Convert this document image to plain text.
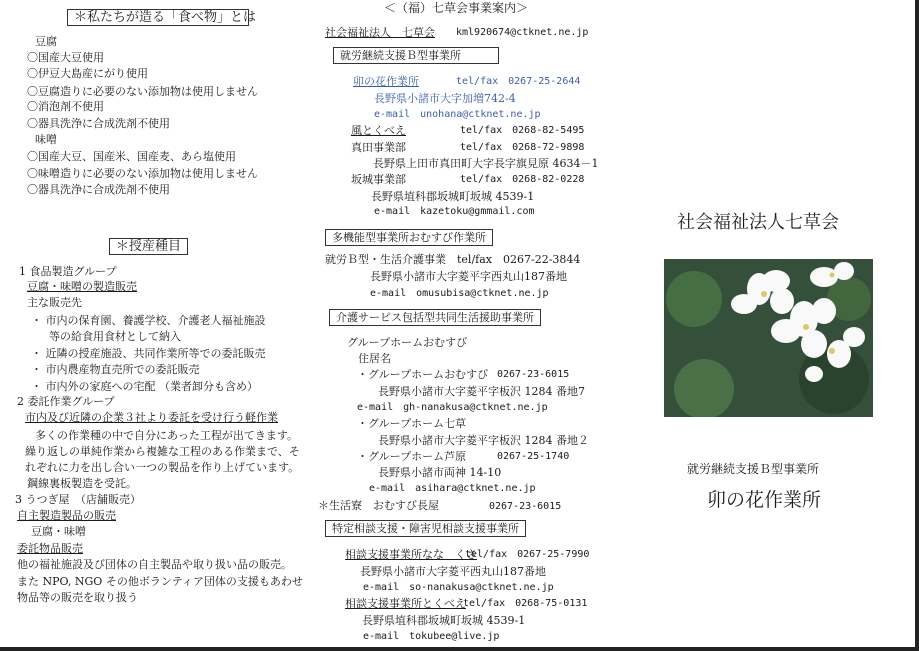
＊私たちが造る「食べ物」とは
豆腐
〇国産大豆使用
〇伊豆大島産にがり使用
〇豆腐造りに必要のない添加物は使用しません
〇消泡剤不使用
〇器具洗浄に合成洗剤不使用
味噌
〇国産大豆、国産米、国産麦、あら塩使用
〇味噌造りに必要のない添加物は使用しません
〇器具洗浄に合成洗剤不使用
＊授産種目
1 食品製造グループ
豆腐・味噌の製造販売
主な販売先
・ 市内の保育園、養護学校、介護老人福祉施設
等の給食用食材として納入
・ 近隣の授産施設、共同作業所等での委託販売
・ 市内農産物直売所での委託販売
・ 市内外の家庭への宅配 （業者卸分も含め）
2 委託作業グループ
市内及び近隣の企業３社より委託を受け行う軽作業
多くの作業種の中で自分にあった工程が出てきます。
繰り返しの単純作業から複雑な工程のある作業まで、そ
れぞれに力を出し合い一つの製品を作り上げています。
鋼線裏板製造を受託。
3 うつぎ屋　（店舗販売）
自主製造製品の販売
豆腐・味噌
委託物品販売
他の福祉施設及び団体の自主製品や取り扱い品の販売。
また NPO, NGO その他ボランティア団体の支援もあわせ
物品等の販売を取り扱う
＜（福）七草会事業案内＞
社会福祉法人　七草会 kml920674@ctknet.ne.jp
就労継続支援Ｂ型事業所
卯の花作業所	tel/fax　0267-25-2644
長野県小諸市大字加増742-4
e-mail　unohana@ctknet.ne.jp
風とくべえ	tel/fax　0268-82-5495
真田事業部	tel/fax　0268-72-9898
長野県上田市真田町大字長字旗見原 4634－1
坂城事業部	tel/fax　0268-82-0228
長野県埴科郡坂城町坂城 4539-1
e-mail　kazetoku@gmmail.com
多機能型事業所おむすび作業所
就労Ｂ型・生活介護事業　tel/fax　0267-22-3844
長野県小諸市大字菱平字西丸山187番地
e-mail　omusubisa@ctknet.ne.jp
介護サービス包括型共同生活援助事業所
グループホームおむすび
住居名
・グループホームおむすび 0267-23-6015
長野県小諸市大字菱平字板沢 1284 番地7
e-mail　gh-nanakusa@ctknet.ne.jp
・グループホーム七草
長野県小諸市大字菱平字板沢 1284 番地２
・グループホーム芦原	0267-25-1740
長野県小諸市両神 14-10
e-mail　asihara@ctknet.ne.jp
＊生活寮　おむすび長屋	0267-23-6015
特定相談支援・障害児相談支援事業所
相談支援事業所なな　くさ
tel/fax　0267-25-7990
長野県小諸市大字菱平西丸山187番地
e-mail　so-nanakusa@ctknet.ne.jp
相談支援事業所とくべえ
tel/fax　0268-75-0131
長野県埴科郡坂城町坂城 4539-1
e-mail　tokubee@live.jp
社会福祉法人七草会
就労継続支援Ｂ型事業所
卯の花作業所
